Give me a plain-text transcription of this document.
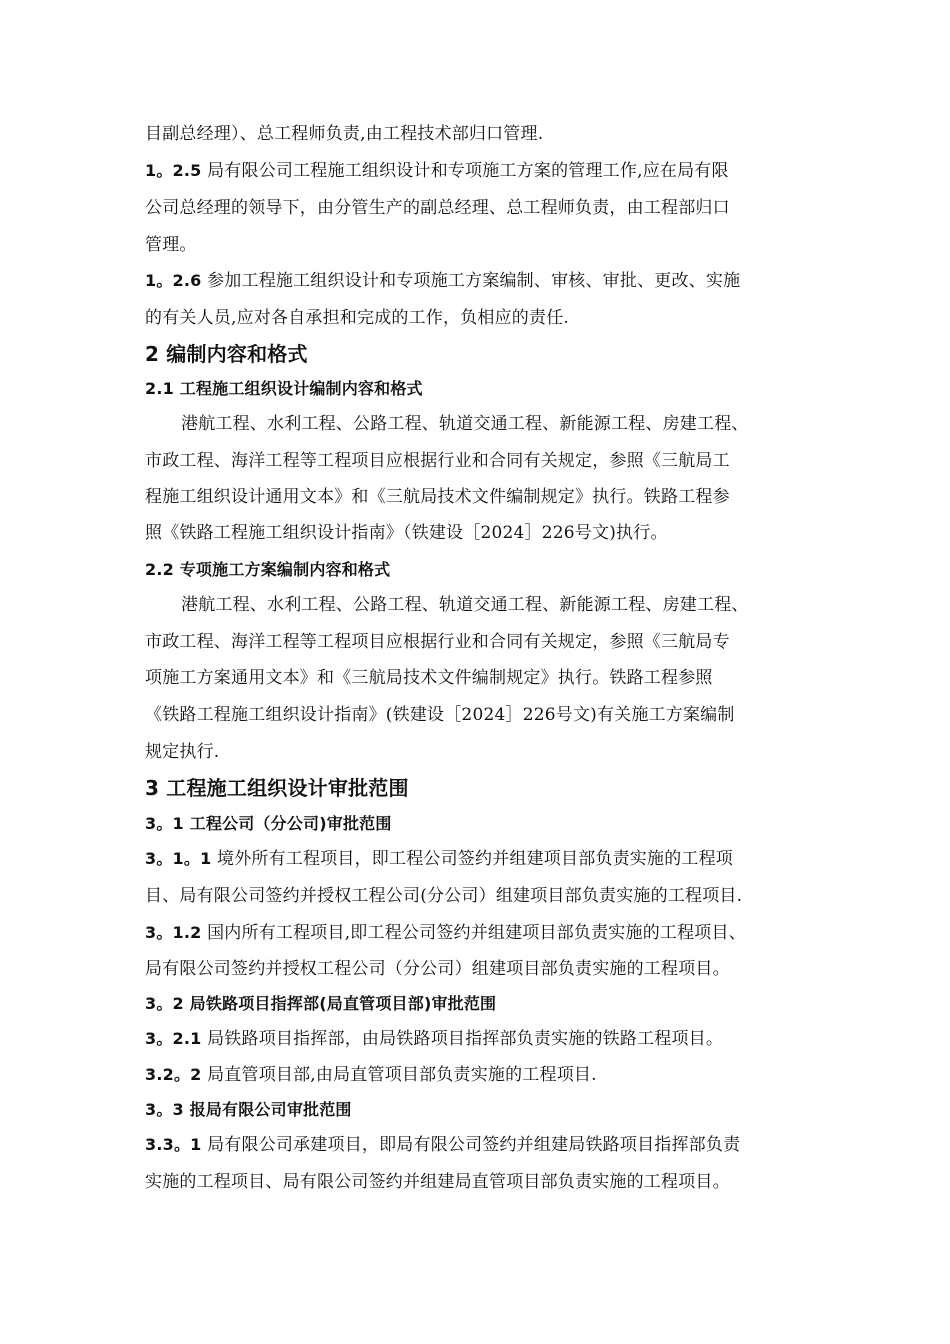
目副总经理）、总工程师负责,由工程技术部归口管理.
1。2.5 局有限公司工程施工组织设计和专项施工方案的管理工作,应在局有限
公司总经理的领导下，由分管生产的副总经理、总工程师负责，由工程部归口
管理。
1。2.6 参加工程施工组织设计和专项施工方案编制、审核、审批、更改、实施
的有关人员,应对各自承担和完成的工作，负相应的责任.
2 编制内容和格式
2.1 工程施工组织设计编制内容和格式
港航工程、水利工程、公路工程、轨道交通工程、新能源工程、房建工程、
市政工程、海洋工程等工程项目应根据行业和合同有关规定，参照《三航局工
程施工组织设计通用文本》和《三航局技术文件编制规定》执行。铁路工程参
照《铁路工程施工组织设计指南》（铁建设［2024］226号文)执行。
2.2 专项施工方案编制内容和格式
港航工程、水利工程、公路工程、轨道交通工程、新能源工程、房建工程、
市政工程、海洋工程等工程项目应根据行业和合同有关规定，参照《三航局专
项施工方案通用文本》和《三航局技术文件编制规定》执行。铁路工程参照
《铁路工程施工组织设计指南》(铁建设［2024］226号文)有关施工方案编制
规定执行.
3 工程施工组织设计审批范围
3。1 工程公司（分公司)审批范围
3。1。1 境外所有工程项目，即工程公司签约并组建项目部负责实施的工程项
目、局有限公司签约并授权工程公司(分公司）组建项目部负责实施的工程项目.
3。1.2 国内所有工程项目,即工程公司签约并组建项目部负责实施的工程项目、
局有限公司签约并授权工程公司（分公司）组建项目部负责实施的工程项目。
3。2 局铁路项目指挥部(局直管项目部)审批范围
3。2.1 局铁路项目指挥部，由局铁路项目指挥部负责实施的铁路工程项目。
3.2。2 局直管项目部,由局直管项目部负责实施的工程项目.
3。3 报局有限公司审批范围
3.3。1 局有限公司承建项目，即局有限公司签约并组建局铁路项目指挥部负责
实施的工程项目、局有限公司签约并组建局直管项目部负责实施的工程项目。
